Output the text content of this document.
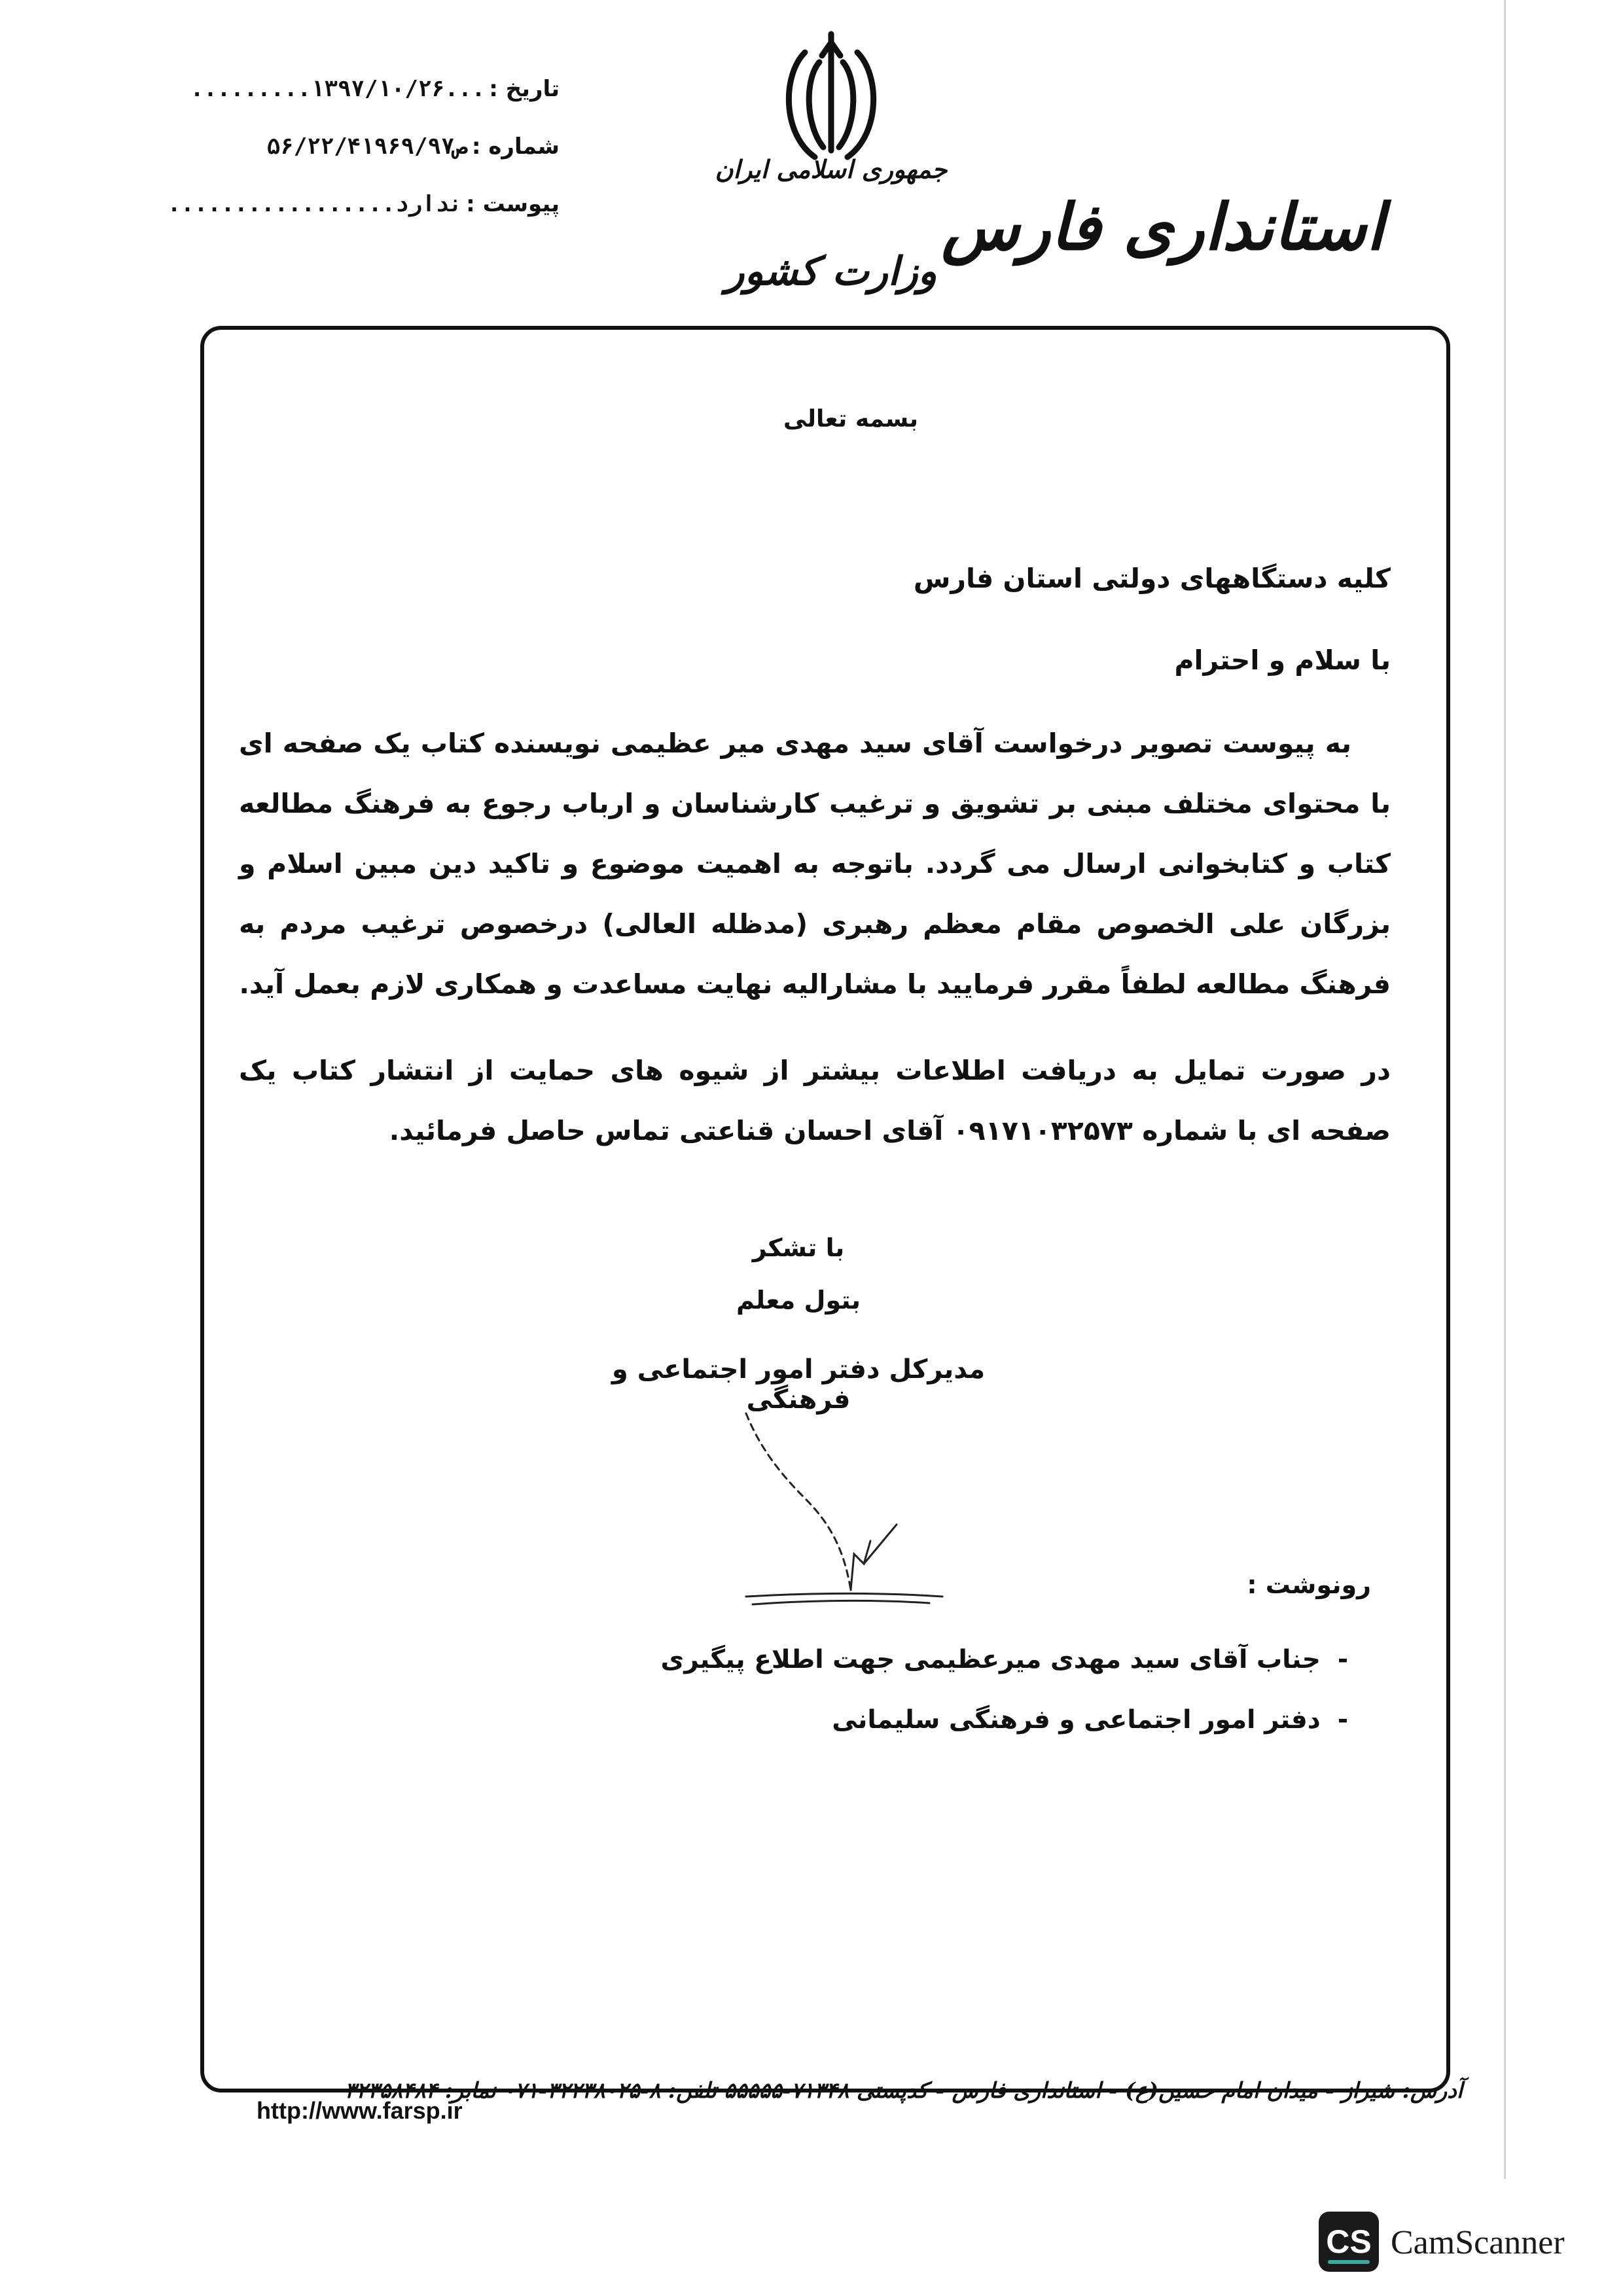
تاریخ :
...۱۳۹۷/۱۰/۲۶.........
شماره :
ص۵۶/۲۲/۴۱۹۶۹/۹۷
پیوست :
ندارد.................
جمهوری اسلامی ایران
وزارت کشور
استانداری فارس
بسمه تعالی
کلیه دستگاههای دولتی استان فارس
با سلام و احترام
به پیوست تصویر درخواست آقای سید مهدی میر عظیمی نویسنده کتاب یک صفحه ای با محتوای مختلف مبنی بر تشویق و ترغیب کارشناسان و ارباب رجوع به فرهنگ مطالعه کتاب و کتابخوانی ارسال می گردد. باتوجه به اهمیت موضوع و تاکید دین مبین اسلام و بزرگان علی الخصوص مقام معظم رهبری (مدظله العالی) درخصوص ترغیب مردم به فرهنگ مطالعه لطفاً مقرر فرمایید با مشارالیه نهایت مساعدت و همکاری لازم بعمل آید.
در صورت تمایل به دریافت اطلاعات بیشتر از شیوه های حمایت از انتشار کتاب یک صفحه ای با شماره ۰۹۱۷۱۰۳۲۵۷۳ آقای احسان قناعتی تماس حاصل فرمائید.
با تشکر
بتول معلم
مدیرکل دفتر امور اجتماعی و فرهنگی
رونوشت :
-
جناب آقای سید مهدی میرعظیمی جهت اطلاع پیگیری
-
دفتر امور اجتماعی و فرهنگی سلیمانی
آدرس: شیراز - میدان امام حسین(ع) - استانداری فارس - کدپستی ۷۱۳۴۸-۵۵۵۵۵ تلفن: ۸-۳۲۲۳۸۰۲۵-۰۷۱ نمابر: ۳۲۳۵۸۴۸۴
http://www.farsp.ir
CS CamScanner
